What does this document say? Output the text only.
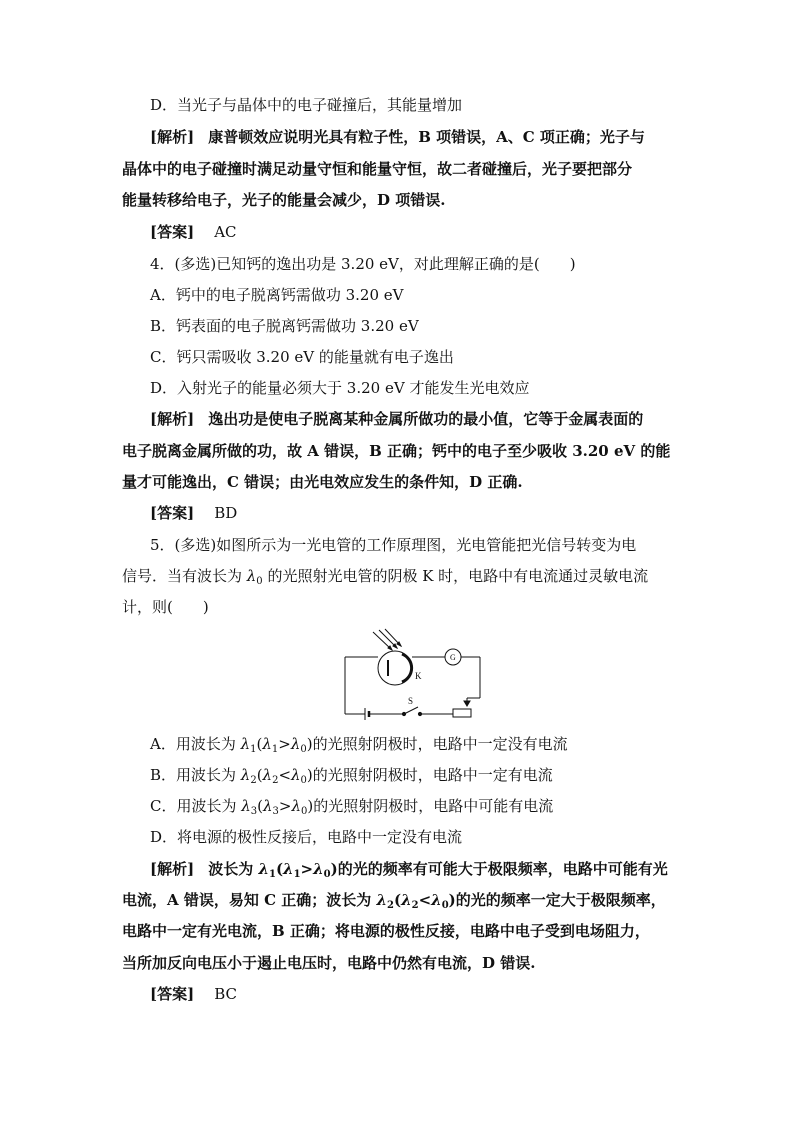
D．当光子与晶体中的电子碰撞后，其能量增加
[解析] 康普顿效应说明光具有粒子性，B 项错误，A、C 项正确；光子与
晶体中的电子碰撞时满足动量守恒和能量守恒，故二者碰撞后，光子要把部分
能量转移给电子，光子的能量会减少，D 项错误.
[答案] AC
4．(多选)已知钙的逸出功是 3.20 eV，对此理解正确的是(　　)
A．钙中的电子脱离钙需做功 3.20 eV
B．钙表面的电子脱离钙需做功 3.20 eV
C．钙只需吸收 3.20 eV 的能量就有电子逸出
D．入射光子的能量必须大于 3.20 eV 才能发生光电效应
[解析] 逸出功是使电子脱离某种金属所做功的最小值，它等于金属表面的
电子脱离金属所做的功，故 A 错误，B 正确；钙中的电子至少吸收 3.20 eV 的能
量才可能逸出，C 错误；由光电效应发生的条件知，D 正确.
[答案] BD
5．(多选)如图所示为一光电管的工作原理图，光电管能把光信号转变为电
信号．当有波长为 $\lambda_0$ 的光照射光电管的阴极 K 时，电路中有电流通过灵敏电流
计，则(　　)
K
G
S
A．用波长为 $\lambda_1(\lambda_1>\lambda_0)$的光照射阴极时，电路中一定没有电流
B．用波长为 $\lambda_2(\lambda_2<\lambda_0)$的光照射阴极时，电路中一定有电流
C．用波长为 $\lambda_3(\lambda_3>\lambda_0)$的光照射阴极时，电路中可能有电流
D．将电源的极性反接后，电路中一定没有电流
[解析] 波长为 $\lambda_1(\lambda_1>\lambda_0)$的光的频率有可能大于极限频率，电路中可能有光
电流，A 错误，易知 C 正确；波长为 $\lambda_2(\lambda_2<\lambda_0)$的光的频率一定大于极限频率，
电路中一定有光电流，B 正确；将电源的极性反接，电路中电子受到电场阻力，
当所加反向电压小于遏止电压时，电路中仍然有电流，D 错误.
[答案] BC
